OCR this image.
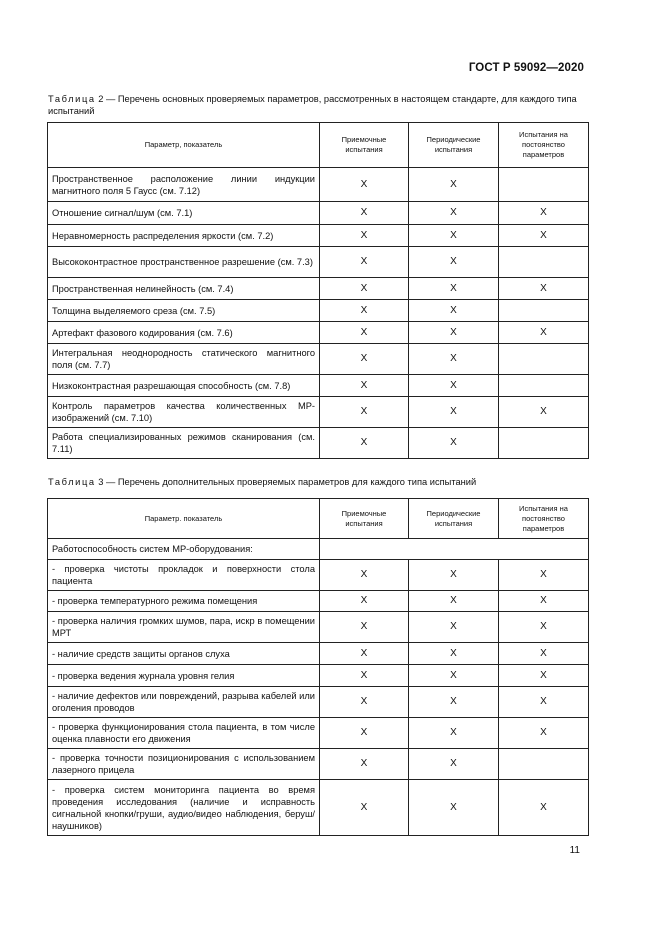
ГОСТ Р 59092—2020
Таблица 2 — Перечень основных проверяемых параметров, рассмотренных в настоящем стандарте, для каждого типа испытаний
Параметр, показатель	Приемочные испытания	Периодические испытания	Испытания на постоянство параметров
Пространственное расположение линии индукции магнитного поля 5 Гаусс (см. 7.12)	X	X	
Отношение сигнал/шум (см. 7.1)	X	X	X
Неравномерность распределения яркости (см. 7.2)	X	X	X
Высококонтрастное пространственное разрешение (см. 7.3)	X	X	
Пространственная нелинейность (см. 7.4)	X	X	X
Толщина выделяемого среза (см. 7.5)	X	X	
Артефакт фазового кодирования (см. 7.6)	X	X	X
Интегральная неоднородность статического магнитного поля (см. 7.7)	X	X	
Низкоконтрастная разрешающая способность (см. 7.8)	X	X	
Контроль параметров качества количественных МР-изображений (см. 7.10)	X	X	X
Работа специализированных режимов сканирования (см. 7.11)	X	X	
Таблица 3 — Перечень дополнительных проверяемых параметров для каждого типа испытаний
Параметр. показатель	Приемочные испытания	Периодические испытания	Испытания на постоянство параметров
Работоспособность систем МР-оборудования:			
- проверка чистоты прокладок и поверхности стола пациента	X	X	X
- проверка температурного режима помещения	X	X	X
- проверка наличия громких шумов, пара, искр в помещении МРТ	X	X	X
- наличие средств защиты органов слуха	X	X	X
- проверка ведения журнала уровня гелия	X	X	X
- наличие дефектов или повреждений, разрыва кабелей или оголения проводов	X	X	X
- проверка функционирования стола пациента, в том числе оценка плавности его движения	X	X	X
- проверка точности позиционирования с использованием лазерного прицела	X	X	
- проверка систем мониторинга пациента во время проведения исследования (наличие и исправность сигнальной кнопки/груши, аудио/видео наблюдения, беруш/наушников)	X	X	X
11
